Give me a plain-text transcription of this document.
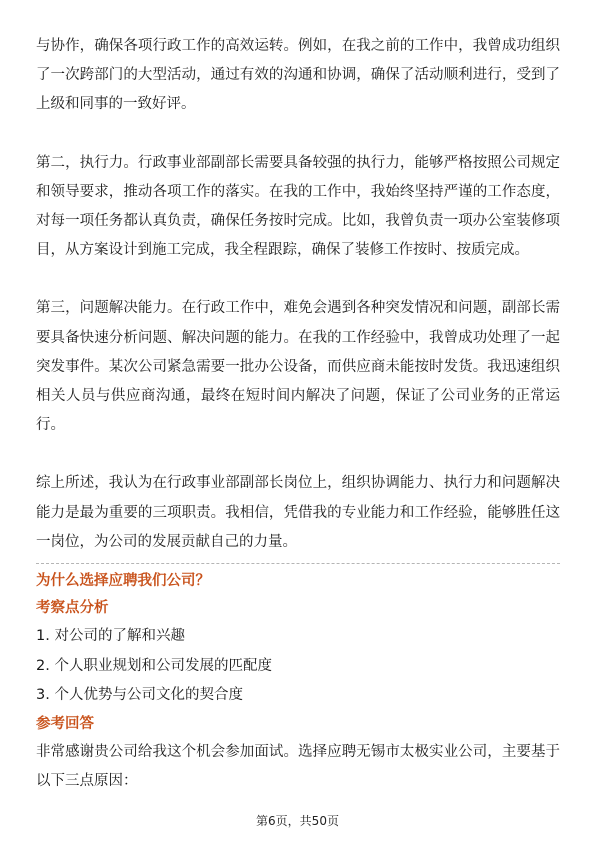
与协作，确保各项行政工作的高效运转。例如，在我之前的工作中，我曾成功组织了一次跨部门的大型活动，通过有效的沟通和协调，确保了活动顺利进行，受到了上级和同事的一致好评。

第二，执行力。行政事业部副部长需要具备较强的执行力，能够严格按照公司规定和领导要求，推动各项工作的落实。在我的工作中，我始终坚持严谨的工作态度，对每一项任务都认真负责，确保任务按时完成。比如，我曾负责一项办公室装修项目，从方案设计到施工完成，我全程跟踪，确保了装修工作按时、按质完成。

第三，问题解决能力。在行政工作中，难免会遇到各种突发情况和问题，副部长需要具备快速分析问题、解决问题的能力。在我的工作经验中，我曾成功处理了一起突发事件。某次公司紧急需要一批办公设备，而供应商未能按时发货。我迅速组织相关人员与供应商沟通，最终在短时间内解决了问题，保证了公司业务的正常运行。

综上所述，我认为在行政事业部副部长岗位上，组织协调能力、执行力和问题解决能力是最为重要的三项职责。我相信，凭借我的专业能力和工作经验，能够胜任这一岗位，为公司的发展贡献自己的力量。

为什么选择应聘我们公司？

考察点分析

1. 对公司的了解和兴趣

2. 个人职业规划和公司发展的匹配度

3. 个人优势与公司文化的契合度

参考回答

非常感谢贵公司给我这个机会参加面试。选择应聘无锡市太极实业公司，主要基于以下三点原因：

第6页，共50页
